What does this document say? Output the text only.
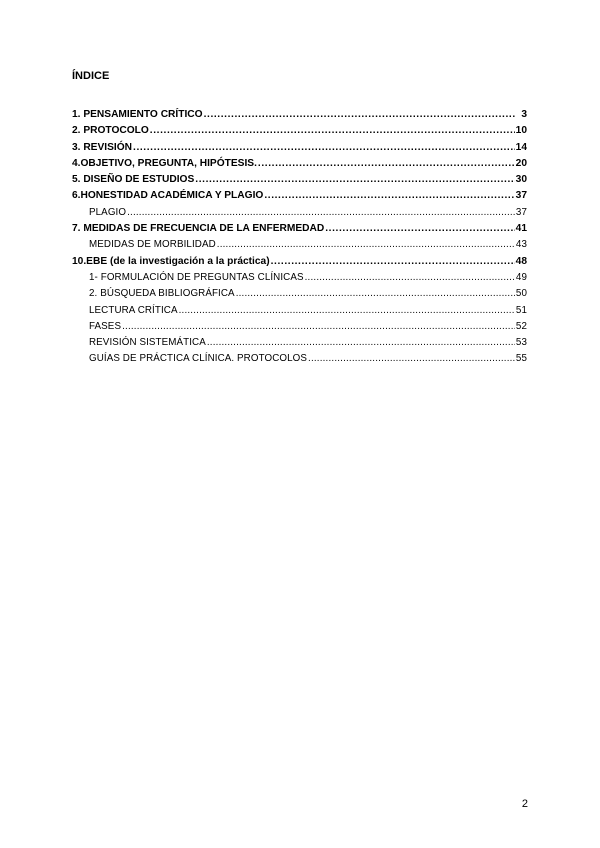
ÍNDICE
1. PENSAMIENTO CRÍTICO .....	3
2. PROTOCOLO .....	10
3. REVISIÓN .....	14
4.OBJETIVO, PREGUNTA, HIPÓTESIS. .....	20
5. DISEÑO DE ESTUDIOS .....	30
6.HONESTIDAD ACADÉMICA Y PLAGIO .....	37
PLAGIO .....	37
7. MEDIDAS DE FRECUENCIA DE LA ENFERMEDAD .....	41
MEDIDAS DE MORBILIDAD .....	43
10.EBE (de la investigación a la práctica) .....	48
1- FORMULACIÓN DE PREGUNTAS CLÍNICAS .....	49
2. BÚSQUEDA BIBLIOGRÁFICA .....	50
LECTURA CRÍTICA .....	51
FASES .....	52
REVISIÓN SISTEMÁTICA .....	53
GUÍAS DE PRÁCTICA CLÍNICA. PROTOCOLOS .....	55
2
